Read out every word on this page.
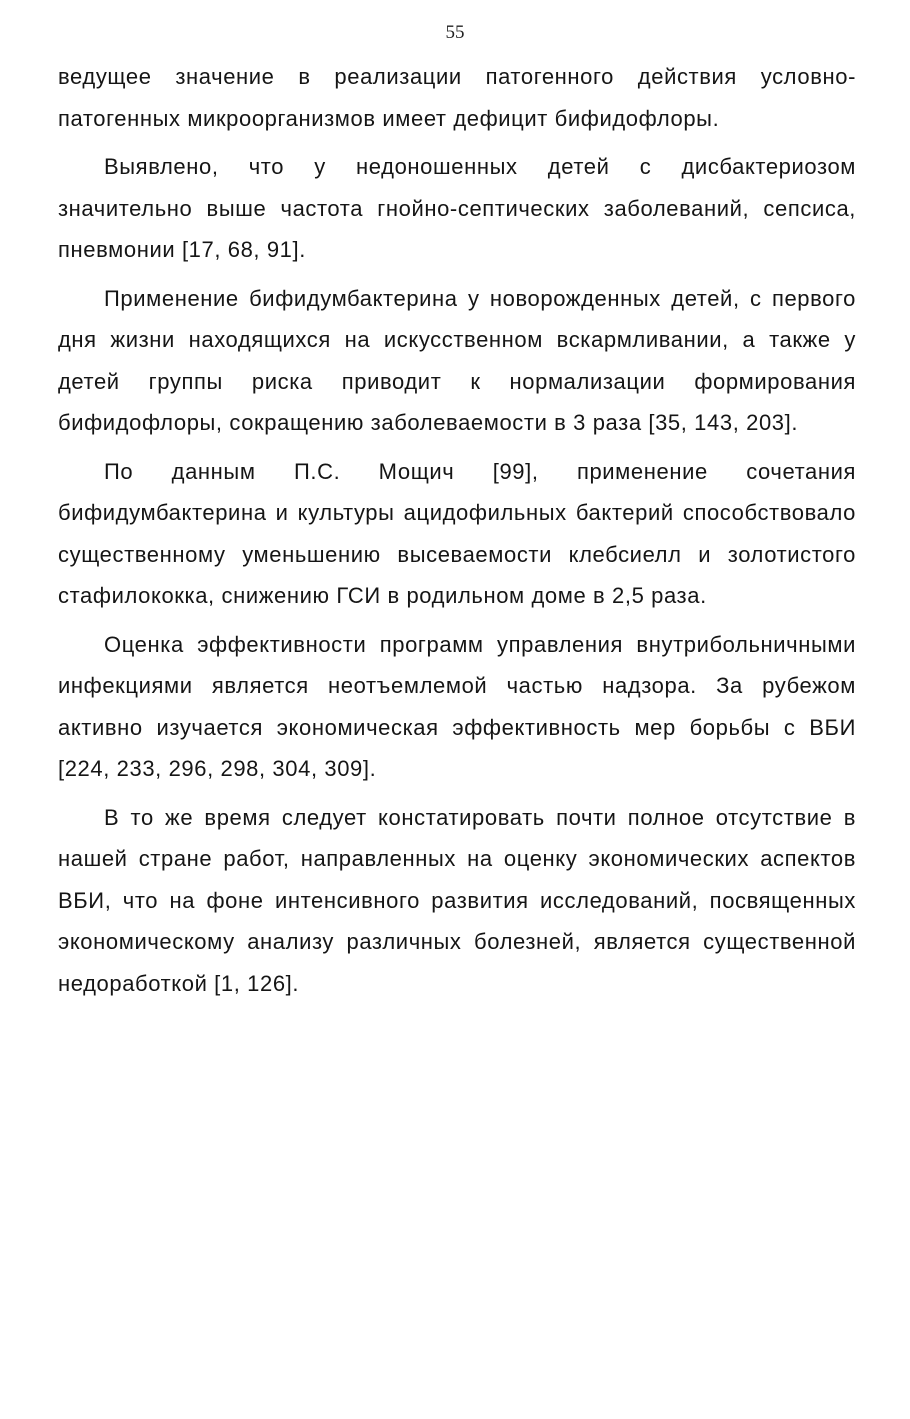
55

ведущее значение в реализации патогенного действия условно-патогенных микроорганизмов имеет дефицит бифидофлоры.

Выявлено, что у недоношенных детей с дисбактериозом значительно выше частота гнойно-септических заболеваний, сепсиса, пневмонии [17, 68, 91].

Применение бифидумбактерина у новорожденных детей, с первого дня жизни находящихся на искусственном вскармливании, а также у детей группы риска приводит к нормализации формирования бифидофлоры, сокращению заболеваемости в 3 раза [35, 143, 203].

По данным П.С. Мощич [99], применение сочетания бифидумбактерина и культуры ацидофильных бактерий способствовало существенному уменьшению высеваемости клебсиелл и золотистого стафилококка, снижению ГСИ в родильном доме в 2,5 раза.

Оценка эффективности программ управления внутрибольничными инфекциями является неотъемлемой частью надзора. За рубежом активно изучается экономическая эффективность мер борьбы с ВБИ [224, 233, 296, 298, 304, 309].

В то же время следует констатировать почти полное отсутствие в нашей стране работ, направленных на оценку экономических аспектов ВБИ, что на фоне интенсивного развития исследований, посвященных экономическому анализу различных болезней, является существенной недоработкой [1, 126].
